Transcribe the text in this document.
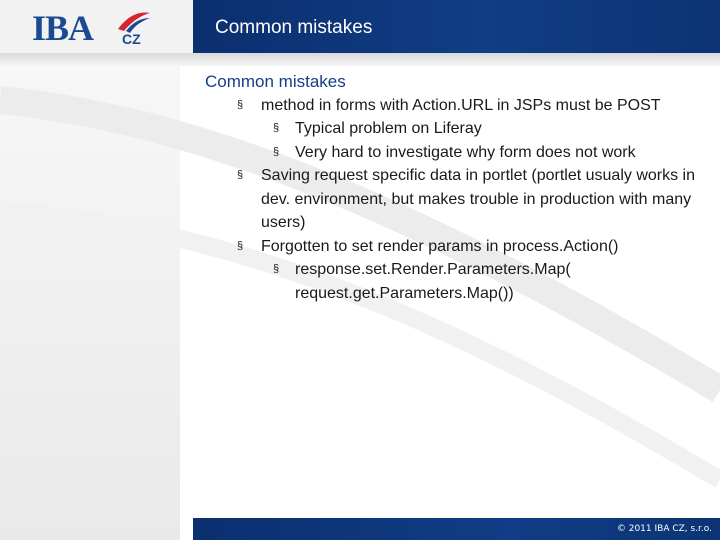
IBA CZ
Common mistakes
Common mistakes
§ method in forms with Action.URL in JSPs must be POST
§ Typical problem on Liferay
§ Very hard to investigate why form does not work
§ Saving request specific data in portlet (portlet usualy works in dev. environment, but makes trouble in production with many users)
§ Forgotten to set render params in process.Action()
§ response.set.Render.Parameters.Map( request.get.Parameters.Map())
© 2011 IBA CZ, s.r.o.
